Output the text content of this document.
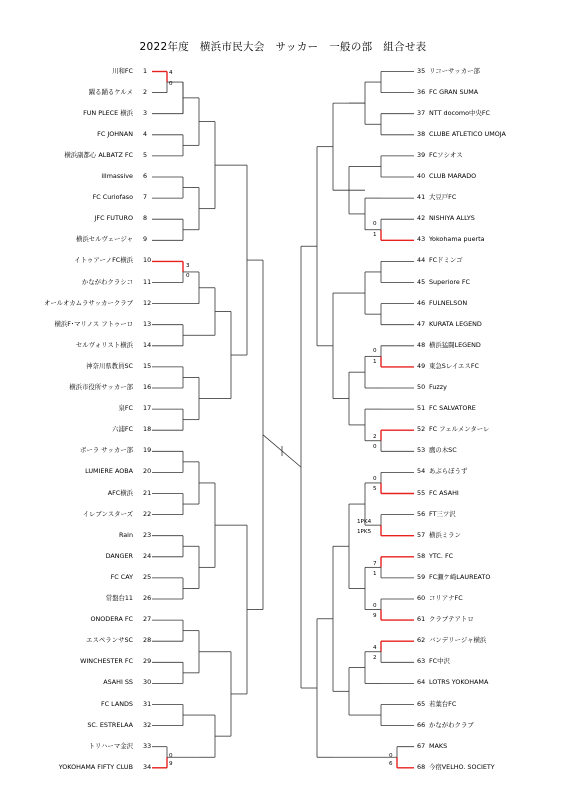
2022年度　横浜市民大会　サッカー　一般の部　組合せ表
川和FC 1
躍る踊るケルメ 2
FUN PLECE 横浜 3
FC JOHNAN 4
横浜副都心 ALBATZ FC 5
illmassive 6
FC Curiofaso 7
JFC FUTURO 8
横浜セルヴェージャ 9
イトゥアーノFC横浜 10
かながわクラシコ 11
オールオカムラサッカークラブ 12
横浜F･マリノス フトゥーロ 13
セルヴォリスト横浜 14
神奈川県教員SC 15
横浜市役所サッカー部 16
泉FC 17
六浦FC 18
ボーラ サッカー部 19
LUMIERE AOBA 20
AFC横浜 21
イレブンスターズ 22
Rain 23
DANGER 24
FC CAY 25
常盤台11 26
ONODERA FC 27
エスペランサSC 28
WINCHESTER FC 29
ASAHI SS 30
FC LANDS 31
SC. ESTRELAA 32
トリハーマ金沢 33
YOKOHAMA FIFTY CLUB 34
35 リコーサッカー部
36 FC GRAN SUMA
37 NTT docomo中央FC
38 CLUBE ATLETICO UMOJA
39 FCソシオス
40 CLUB MARADO
41 大豆戸FC
42 NISHIYA ALLYS
43 Yokohama puerta
44 FCドミンゴ
45 Superiore FC
46 FULNELSON
47 KURATA LEGEND
48 横浜猛闘LEGEND
49 東急SレイエスFC
50 Fuzzy
51 FC SALVATORE
52 FC フェルメンターレ
53 鷹の木SC
54 あぶらぼうず
55 FC ASAHI
56 FT三ツ沢
57 横浜ミラン
58 YTC. FC
59 FC瀬ケ崎LAUREATO
60 コリアナFC
61 クラブテアトロ
62 バンデリージャ横浜
63 FC中沢
64 LOTRS YOKOHAMA
65 若葉台FC
66 かながわクラブ
67 MAKS
68 今宿VELHO. SOCIETY
4
0
3
0
0
9
0
1
0
1
2
0
0
5
1PK4
1PK5
7
1
0
9
4
2
0
6
